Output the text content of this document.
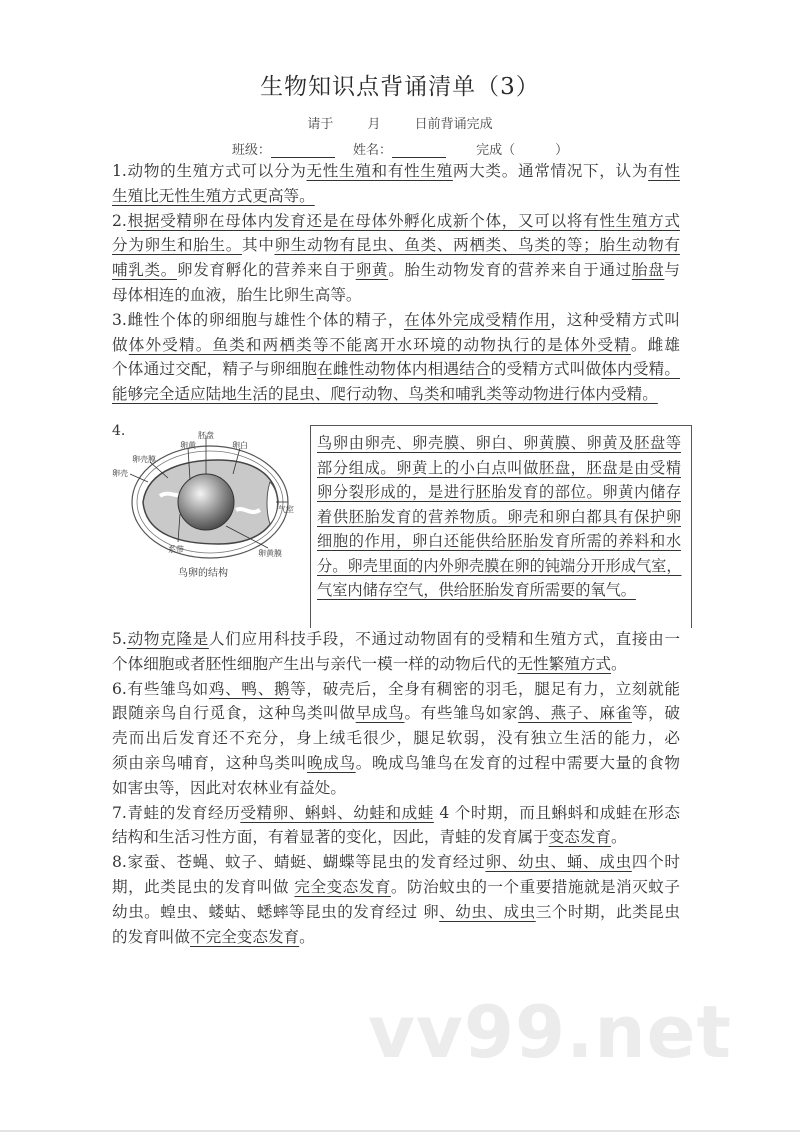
生物知识点背诵清单（3）
请于	月	日前背诵完成
班级：	姓名：	完成（	）
1.动物的生殖方式可以分为无性生殖和有性生殖两大类。通常情况下，认为有性
生殖比无性生殖方式更高等。
2.根据受精卵在母体内发育还是在母体外孵化成新个体，又可以将有性生殖方式
分为卵生和胎生。其中卵生动物有昆虫、鱼类、两栖类、鸟类的等；胎生动物有
哺乳类。卵发育孵化的营养来自于卵黄。胎生动物发育的营养来自于通过胎盘与
母体相连的血液，胎生比卵生高等。
3.雌性个体的卵细胞与雄性个体的精子，在体外完成受精作用，这种受精方式叫
做体外受精。鱼类和两栖类等不能离开水环境的动物执行的是体外受精。雌雄
个体通过交配，精子与卵细胞在雌性动物体内相遇结合的受精方式叫做体内受精。
能够完全适应陆地生活的昆虫、爬行动物、鸟类和哺乳类等动物进行体内受精。
4.	胚盘
卵黄	卵白
卵壳膜
卵壳
气室
系带	卵黄膜
鸟卵的结构
鸟卵由卵壳、卵壳膜、卵白、卵黄膜、卵黄及胚盘等
部分组成。卵黄上的小白点叫做胚盘，胚盘是由受精
卵分裂形成的，是进行胚胎发育的部位。卵黄内储存
着供胚胎发育的营养物质。卵壳和卵白都具有保护卵
细胞的作用，卵白还能供给胚胎发育所需的养料和水
分。卵壳里面的内外卵壳膜在卵的钝端分开形成气室，
气室内储存空气，供给胚胎发育所需要的氧气。
5.动物克隆是人们应用科技手段，不通过动物固有的受精和生殖方式，直接由一
个体细胞或者胚性细胞产生出与亲代一模一样的动物后代的无性繁殖方式。
6.有些雏鸟如鸡、鸭、鹅等，破壳后，全身有稠密的羽毛，腿足有力，立刻就能
跟随亲鸟自行觅食，这种鸟类叫做早成鸟。有些雏鸟如家鸽、燕子、麻雀等，破
壳而出后发育还不充分，身上绒毛很少，腿足软弱，没有独立生活的能力，必
须由亲鸟哺育，这种鸟类叫晚成鸟。晚成鸟雏鸟在发育的过程中需要大量的食物
如害虫等，因此对农林业有益处。
7.青蛙的发育经历受精卵、蝌蚪、幼蛙和成蛙 4 个时期，而且蝌蚪和成蛙在形态
结构和生活习性方面，有着显著的变化，因此，青蛙的发育属于变态发育。
8.家蚕、苍蝇、蚊子、蜻蜓、蝴蝶等昆虫的发育经过卵、幼虫、蛹、成虫四个时
期，此类昆虫的发育叫做 完全变态发育。防治蚊虫的一个重要措施就是消灭蚊子
幼虫。蝗虫、蝼蛄、蟋蟀等昆虫的发育经过 卵、幼虫、成虫三个时期，此类昆虫
的发育叫做不完全变态发育。
vv99.net
